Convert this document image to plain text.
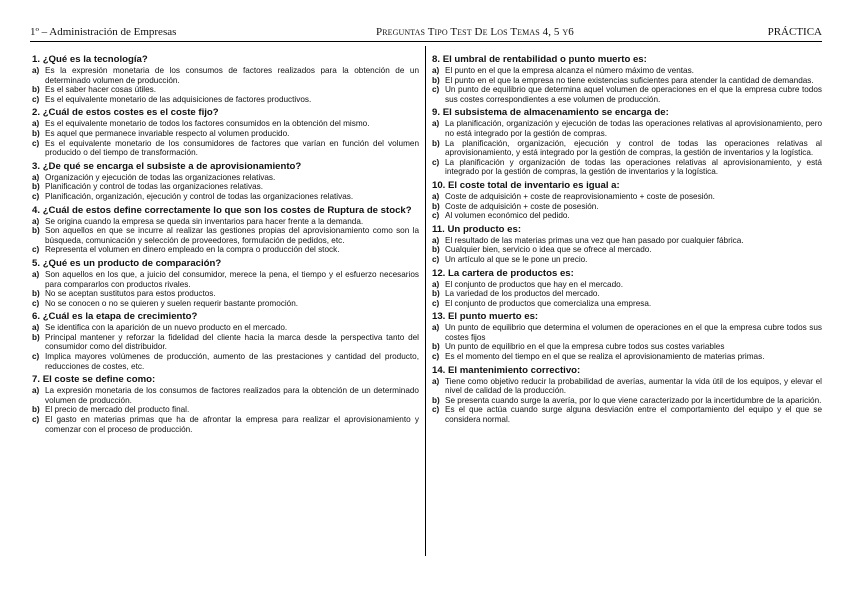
1º – Administración de Empresas	Preguntas Tipo Test De Los Temas 4, 5 y6	PRÁCTICA
1. ¿Qué es la tecnología?
a) Es la expresión monetaria de los consumos de factores realizados para la obtención de un determinado volumen de producción.
b) Es el saber hacer cosas útiles.
c) Es el equivalente monetario de las adquisiciones de factores productivos.
2. ¿Cuál de estos costes es el coste fijo?
a) Es el equivalente monetario de todos los factores consumidos en la obtención del mismo.
b) Es aquel que permanece invariable respecto al volumen producido.
c) Es el equivalente monetario de los consumidores de factores que varían en función del volumen producido o del tiempo de transformación.
3. ¿De qué se encarga el subsiste a de aprovisionamiento?
a) Organización y ejecución de todas las organizaciones relativas.
b) Planificación y control de todas las organizaciones relativas.
c) Planificación, organización, ejecución y control de todas las organizaciones relativas.
4. ¿Cuál de estos define correctamente lo que son los costes de Ruptura de stock?
a) Se origina cuando la empresa se queda sin inventarios para hacer frente a la demanda.
b) Son aquellos en que se incurre al realizar las gestiones propias del aprovisionamiento como son la búsqueda, comunicación y selección de proveedores, formulación de pedidos, etc.
c) Representa el volumen en dinero empleado en la compra o producción del stock.
5. ¿Qué es un producto de comparación?
a) Son aquellos en los que, a juicio del consumidor, merece la pena, el tiempo y el esfuerzo necesarios para compararlos con productos rivales.
b) No se aceptan sustitutos para estos productos.
c) No se conocen o no se quieren y suelen requerir bastante promoción.
6. ¿Cuál es la etapa de crecimiento?
a) Se identifica con la aparición de un nuevo producto en el mercado.
b) Principal mantener y reforzar la fidelidad del cliente hacia la marca desde la perspectiva tanto del consumidor como del distribuidor.
c) Implica mayores volúmenes de producción, aumento de las prestaciones y cantidad del producto, reducciones de costes, etc.
7. El coste se define como:
a) La expresión monetaria de los consumos de factores realizados para la obtención de un determinado volumen de producción.
b) El precio de mercado del producto final.
c) El gasto en materias primas que ha de afrontar la empresa para realizar el aprovisionamiento y comenzar con el proceso de producción.
8. El umbral de rentabilidad o punto muerto es:
a) El punto en el que la empresa alcanza el número máximo de ventas.
b) El punto en el que la empresa no tiene existencias suficientes para atender la cantidad de demandas.
c) Un punto de equilibrio que determina aquel volumen de operaciones en el que la empresa cubre todos sus costes correspondientes a ese volumen de producción.
9. El subsistema de almacenamiento se encarga de:
a) La planificación, organización y ejecución de todas las operaciones relativas al aprovisionamiento, pero no está integrado por la gestión de compras.
b) La planificación, organización, ejecución y control de todas las operaciones relativas al aprovisionamiento, y está integrado por la gestión de compras, la gestión de inventarios y la logística.
c) La planificación y organización de todas las operaciones relativas al aprovisionamiento, y está integrado por la gestión de compras, la gestión de inventarios y la logística.
10. El coste total de inventario es igual a:
a) Coste de adquisición + coste de reaprovisionamiento + coste de posesión.
b) Coste de adquisición + coste de posesión.
c) Al volumen económico del pedido.
11. Un producto es:
a) El resultado de las materias primas una vez que han pasado por cualquier fábrica.
b) Cualquier bien, servicio o idea que se ofrece al mercado.
c) Un artículo al que se le pone un precio.
12. La cartera de productos es:
a) El conjunto de productos que hay en el mercado.
b) La variedad de los productos del mercado.
c) El conjunto de productos que comercializa una empresa.
13. El punto muerto es:
a) Un punto de equilibrio que determina el volumen de operaciones en el que la empresa cubre todos sus costes fijos
b) Un punto de equilibrio en el que la empresa cubre todos sus costes variables
c) Es el momento del tiempo en el que se realiza el aprovisionamiento de materias primas.
14. El mantenimiento correctivo:
a) Tiene como objetivo reducir la probabilidad de averías, aumentar la vida útil de los equipos, y elevar el nivel de calidad de la producción.
b) Se presenta cuando surge la avería, por lo que viene caracterizado por la incertidumbre de la aparición.
c) Es el que actúa cuando surge alguna desviación entre el comportamiento del equipo y el que se considera normal.
